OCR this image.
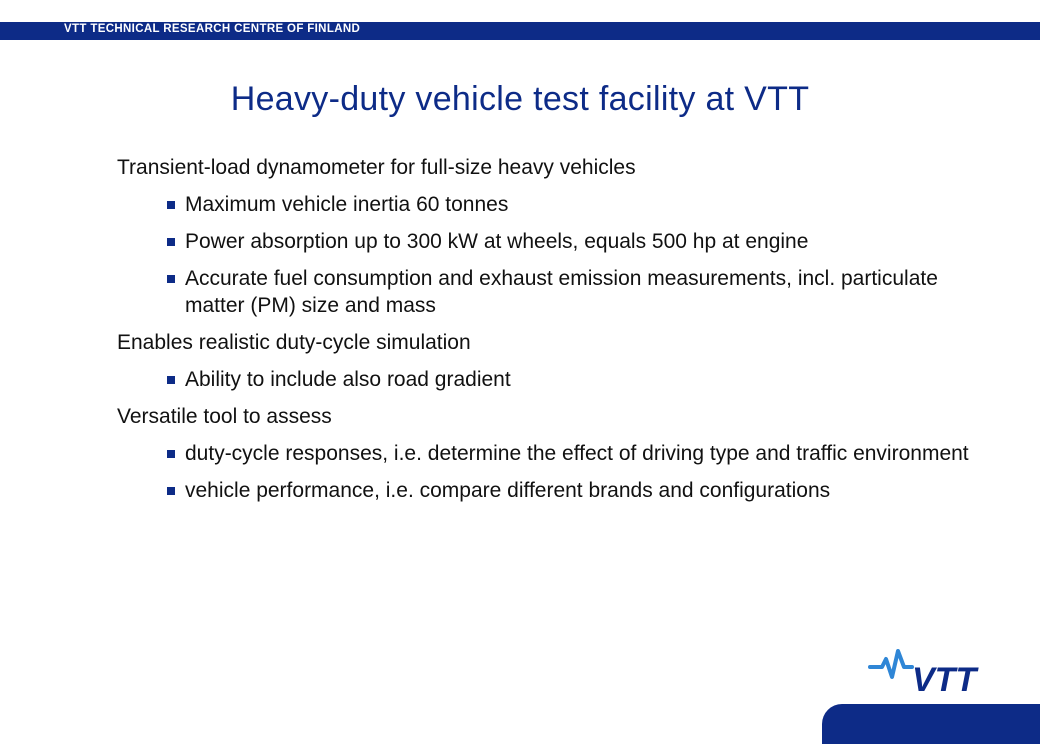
VTT TECHNICAL RESEARCH CENTRE OF FINLAND
Heavy-duty vehicle test facility at VTT
Transient-load dynamometer for full-size heavy vehicles
Maximum vehicle inertia 60 tonnes
Power absorption up to 300 kW at wheels, equals 500 hp at engine
Accurate fuel consumption and exhaust emission measurements, incl. particulate matter (PM) size and mass
Enables realistic duty-cycle simulation
Ability to include also road gradient
Versatile tool to assess
duty-cycle responses, i.e. determine the effect of driving type and traffic environment
vehicle performance, i.e. compare different brands and configurations
VTT
